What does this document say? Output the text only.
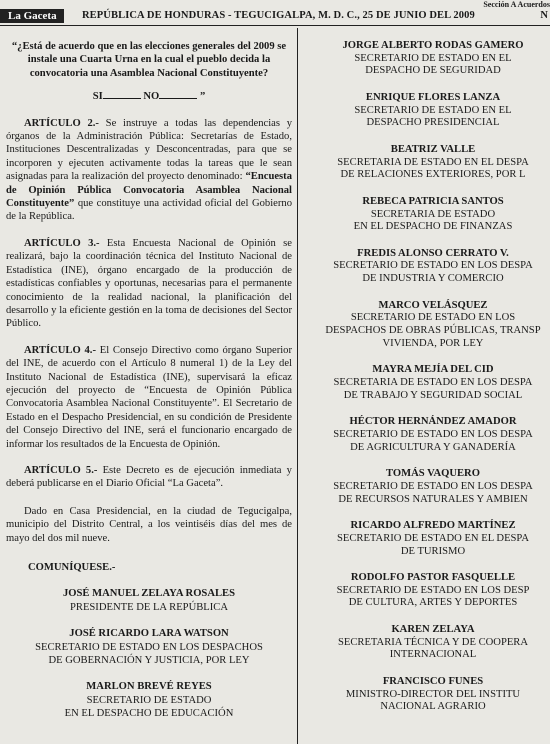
Sección A Acuerdos
La Gaceta	REPÚBLICA DE HONDURAS - TEGUCIGALPA, M. D. C., 25 DE JUNIO DEL 2009	N

“¿Está de acuerdo que en las elecciones generales del 2009 se instale una Cuarta Urna en la cual el pueblo decida la convocatoria una Asamblea Nacional Constituyente?

SI	NO	”

ARTÍCULO 2.- Se instruye a todas las dependencias y órganos de la Administración Pública: Secretarías de Estado, Instituciones Descentralizadas y Desconcentradas, para que se incorporen y ejecuten activamente todas la tareas que le sean asignadas para la realización del proyecto denominado: “Encuesta de Opinión Pública Convocatoria Asamblea Nacional Constituyente” que constituye una actividad oficial del Gobierno de la República.

ARTÍCULO 3.- Esta Encuesta Nacional de Opinión se realizará, bajo la coordinación técnica del Instituto Nacional de Estadística (INE), órgano encargado de la producción de estadísticas confiables y oportunas, necesarias para el permanente conocimiento de la realidad nacional, la planificación del desarrollo y la eficiente gestión en la toma de decisiones del Sector Público.

ARTÍCULO 4.- El Consejo Directivo como órgano Superior del INE, de acuerdo con el Artículo 8 numeral 1) de la Ley del Instituto Nacional de Estadística (INE), supervisará la eficaz ejecución del proyecto de “Encuesta de Opinión Pública Convocatoria Asamblea Nacional Constituyente”. El Secretario de Estado en el Despacho Presidencial, en su condición de Presidente del Consejo Directivo del INE, será el funcionario encargado de informar los resultados de la Encuesta de Opinión.

ARTÍCULO 5.- Este Decreto es de ejecución inmediata y deberá publicarse en el Diario Oficial “La Gaceta”.

Dado en Casa Presidencial, en la ciudad de Tegucigalpa, municipio del Distrito Central, a los veintiséis días del mes de mayo del dos mil nueve.

COMUNÍQUESE.-

JOSÉ MANUEL ZELAYA ROSALES
PRESIDENTE DE LA REPÚBLICA
JOSÉ RICARDO LARA WATSON
SECRETARIO DE ESTADO EN LOS DESPACHOS
DE GOBERNACIÓN Y JUSTICIA, POR LEY
MARLON BREVÉ REYES
SECRETARIO DE ESTADO
EN EL DESPACHO DE EDUCACIÓN
JORGE ALBERTO RODAS GAMERO
SECRETARIO DE ESTADO EN EL
DESPACHO DE SEGURIDAD
ENRIQUE FLORES LANZA
SECRETARIO DE ESTADO EN EL
DESPACHO PRESIDENCIAL
BEATRIZ VALLE
SECRETARIA DE ESTADO EN EL DESPA
DE RELACIONES EXTERIORES, POR L
REBECA PATRICIA SANTOS
SECRETARIA DE ESTADO
EN EL DESPACHO DE FINANZAS
FREDIS ALONSO CERRATO V.
SECRETARIO DE ESTADO EN LOS DESPA
DE INDUSTRIA Y COMERCIO
MARCO VELÁSQUEZ
SECRETARIO DE ESTADO EN LOS
DESPACHOS DE OBRAS PÚBLICAS, TRANSP
VIVIENDA, POR LEY
MAYRA MEJÍA DEL CID
SECRETARIA DE ESTADO EN LOS DESPA
DE TRABAJO Y SEGURIDAD SOCIAL
HÉCTOR HERNÁNDEZ AMADOR
SECRETARIO DE ESTADO EN LOS DESPA
DE AGRICULTURA Y GANADERÍA
TOMÁS VAQUERO
SECRETARIO DE ESTADO EN LOS DESPA
DE RECURSOS NATURALES Y AMBIEN
RICARDO ALFREDO MARTÍNEZ
SECRETARIO DE ESTADO EN EL DESPA
DE TURISMO
RODOLFO PASTOR FASQUELLE
SECRETARIO DE ESTADO EN LOS DESP
DE CULTURA, ARTES Y DEPORTES
KAREN ZELAYA
SECRETARIA TÉCNICA Y DE COOPERA
INTERNACIONAL
FRANCISCO FUNES
MINISTRO-DIRECTOR DEL INSTITU
NACIONAL AGRARIO
